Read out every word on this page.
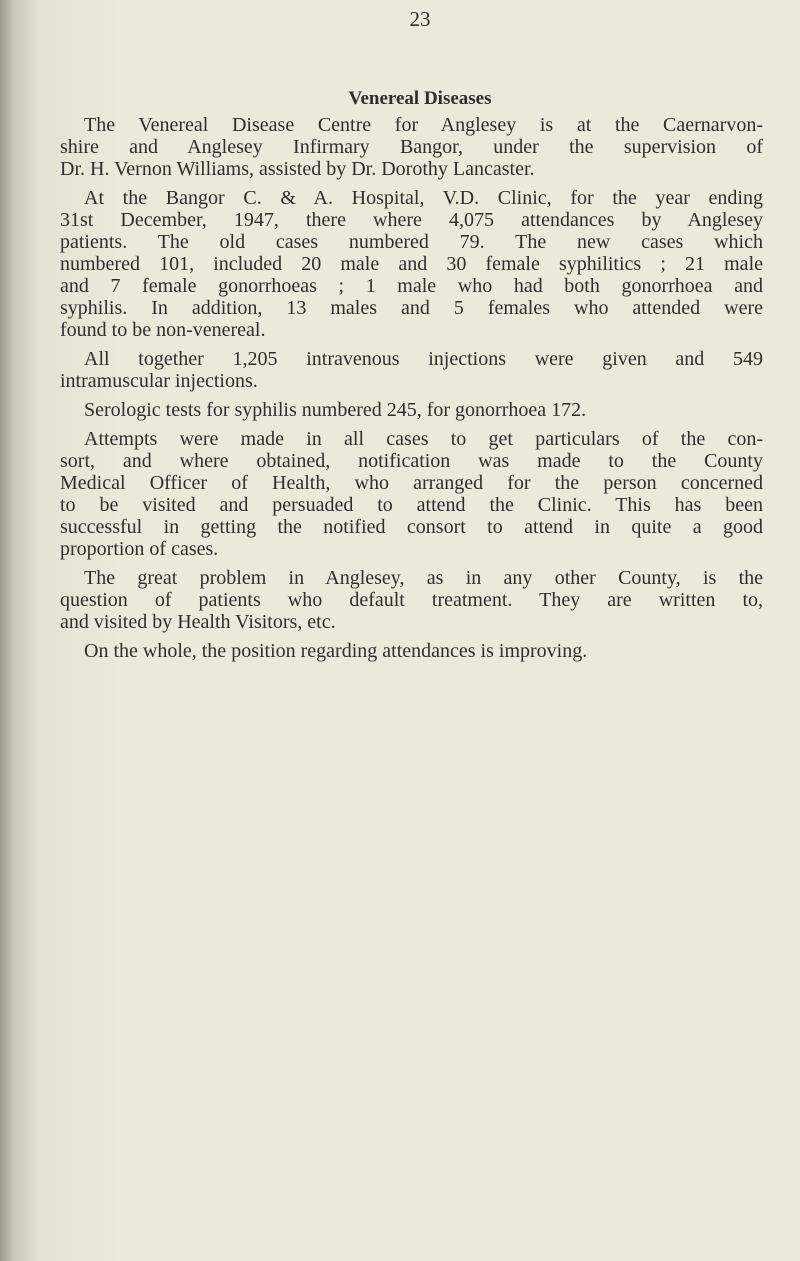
23
Venereal Diseases
The Venereal Disease Centre for Anglesey is at the Caernarvon-
shire and Anglesey Infirmary Bangor, under the supervision of
Dr. H. Vernon Williams, assisted by Dr. Dorothy Lancaster.
At the Bangor C. & A. Hospital, V.D. Clinic, for the year ending
31st December, 1947, there where 4,075 attendances by Anglesey
patients. The old cases numbered 79. The new cases which
numbered 101, included 20 male and 30 female syphilitics ; 21 male
and 7 female gonorrhoeas ; 1 male who had both gonorrhoea and
syphilis. In addition, 13 males and 5 females who attended were
found to be non-venereal.
All together 1,205 intravenous injections were given and 549
intramuscular injections.
Serologic tests for syphilis numbered 245, for gonorrhoea 172.
Attempts were made in all cases to get particulars of the con-
sort, and where obtained, notification was made to the County
Medical Officer of Health, who arranged for the person concerned
to be visited and persuaded to attend the Clinic. This has been
successful in getting the notified consort to attend in quite a good
proportion of cases.
The great problem in Anglesey, as in any other County, is the
question of patients who default treatment. They are written to,
and visited by Health Visitors, etc.
On the whole, the position regarding attendances is improving.
